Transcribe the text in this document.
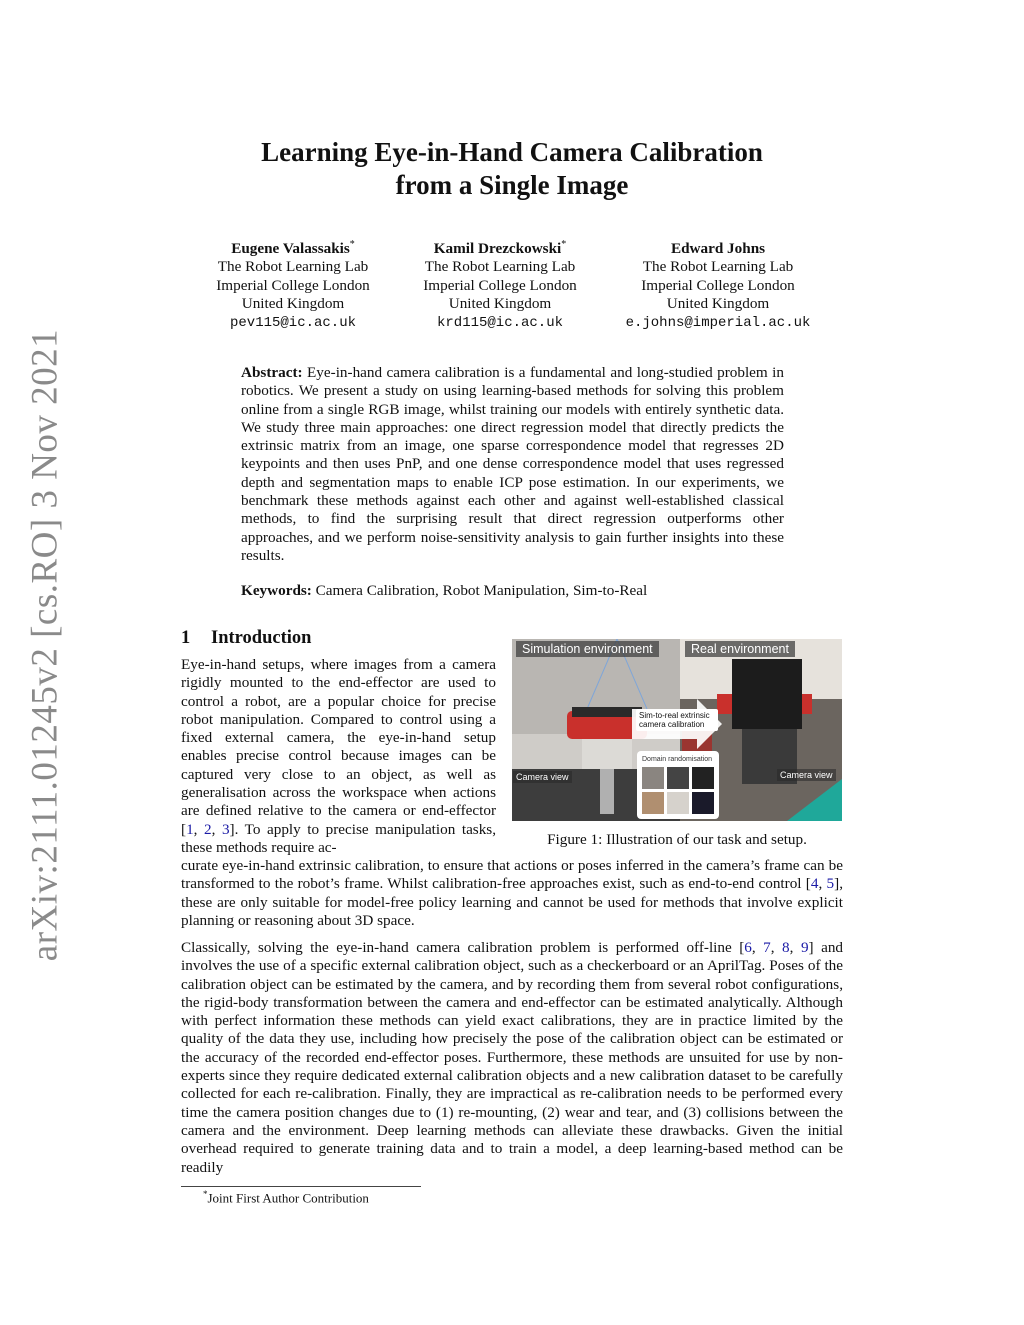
arXiv:2111.01245v2 [cs.RO] 3 Nov 2021
Learning Eye-in-Hand Camera Calibration
from a Single Image
Eugene Valassakis*
The Robot Learning Lab
Imperial College London
United Kingdom
pev115@ic.ac.uk
Kamil Drezckowski*
The Robot Learning Lab
Imperial College London
United Kingdom
krd115@ic.ac.uk
Edward Johns
The Robot Learning Lab
Imperial College London
United Kingdom
e.johns@imperial.ac.uk
Abstract: Eye-in-hand camera calibration is a fundamental and long-studied problem in robotics. We present a study on using learning-based methods for solving this problem online from a single RGB image, whilst training our models with entirely synthetic data. We study three main approaches: one direct regression model that directly predicts the extrinsic matrix from an image, one sparse correspondence model that regresses 2D keypoints and then uses PnP, and one dense correspondence model that uses regressed depth and segmentation maps to enable ICP pose estimation. In our experiments, we benchmark these methods against each other and against well-established classical methods, to find the surprising result that direct regression outperforms other approaches, and we perform noise-sensitivity analysis to gain further insights into these results.
Keywords: Camera Calibration, Robot Manipulation, Sim-to-Real
1 Introduction

Eye-in-hand setups, where images from a camera rigidly mounted to the end-effector are used to control a robot, are a popular choice for precise robot manipulation. Compared to control using a fixed external camera, the eye-in-hand setup enables precise control because images can be captured very close to an object, as well as generalisation across the workspace when actions are defined relative to the camera or end-effector [1, 2, 3]. To apply to precise manipulation tasks, these methods require ac-

Simulation environment	Real environment
Sim-to-real extrinsic camera calibration
Domain randomisation
Camera view	Camera view
Figure 1: Illustration of our task and setup.

curate eye-in-hand extrinsic calibration, to ensure that actions or poses inferred in the camera’s frame can be transformed to the robot’s frame. Whilst calibration-free approaches exist, such as end-to-end control [4, 5], these are only suitable for model-free policy learning and cannot be used for methods that involve explicit planning or reasoning about 3D space.

Classically, solving the eye-in-hand camera calibration problem is performed off-line [6, 7, 8, 9] and involves the use of a specific external calibration object, such as a checkerboard or an AprilTag. Poses of the calibration object can be estimated by the camera, and by recording them from several robot configurations, the rigid-body transformation between the camera and end-effector can be estimated analytically. Although with perfect information these methods can yield exact calibrations, they are in practice limited by the quality of the data they use, including how precisely the pose of the calibration object can be estimated or the accuracy of the recorded end-effector poses. Furthermore, these methods are unsuited for use by non-experts since they require dedicated external calibration objects and a new calibration dataset to be carefully collected for each re-calibration. Finally, they are impractical as re-calibration needs to be performed every time the camera position changes due to (1) re-mounting, (2) wear and tear, and (3) collisions between the camera and the environment. Deep learning methods can alleviate these drawbacks. Given the initial overhead required to generate training data and to train a model, a deep learning-based method can be readily
*Joint First Author Contribution
